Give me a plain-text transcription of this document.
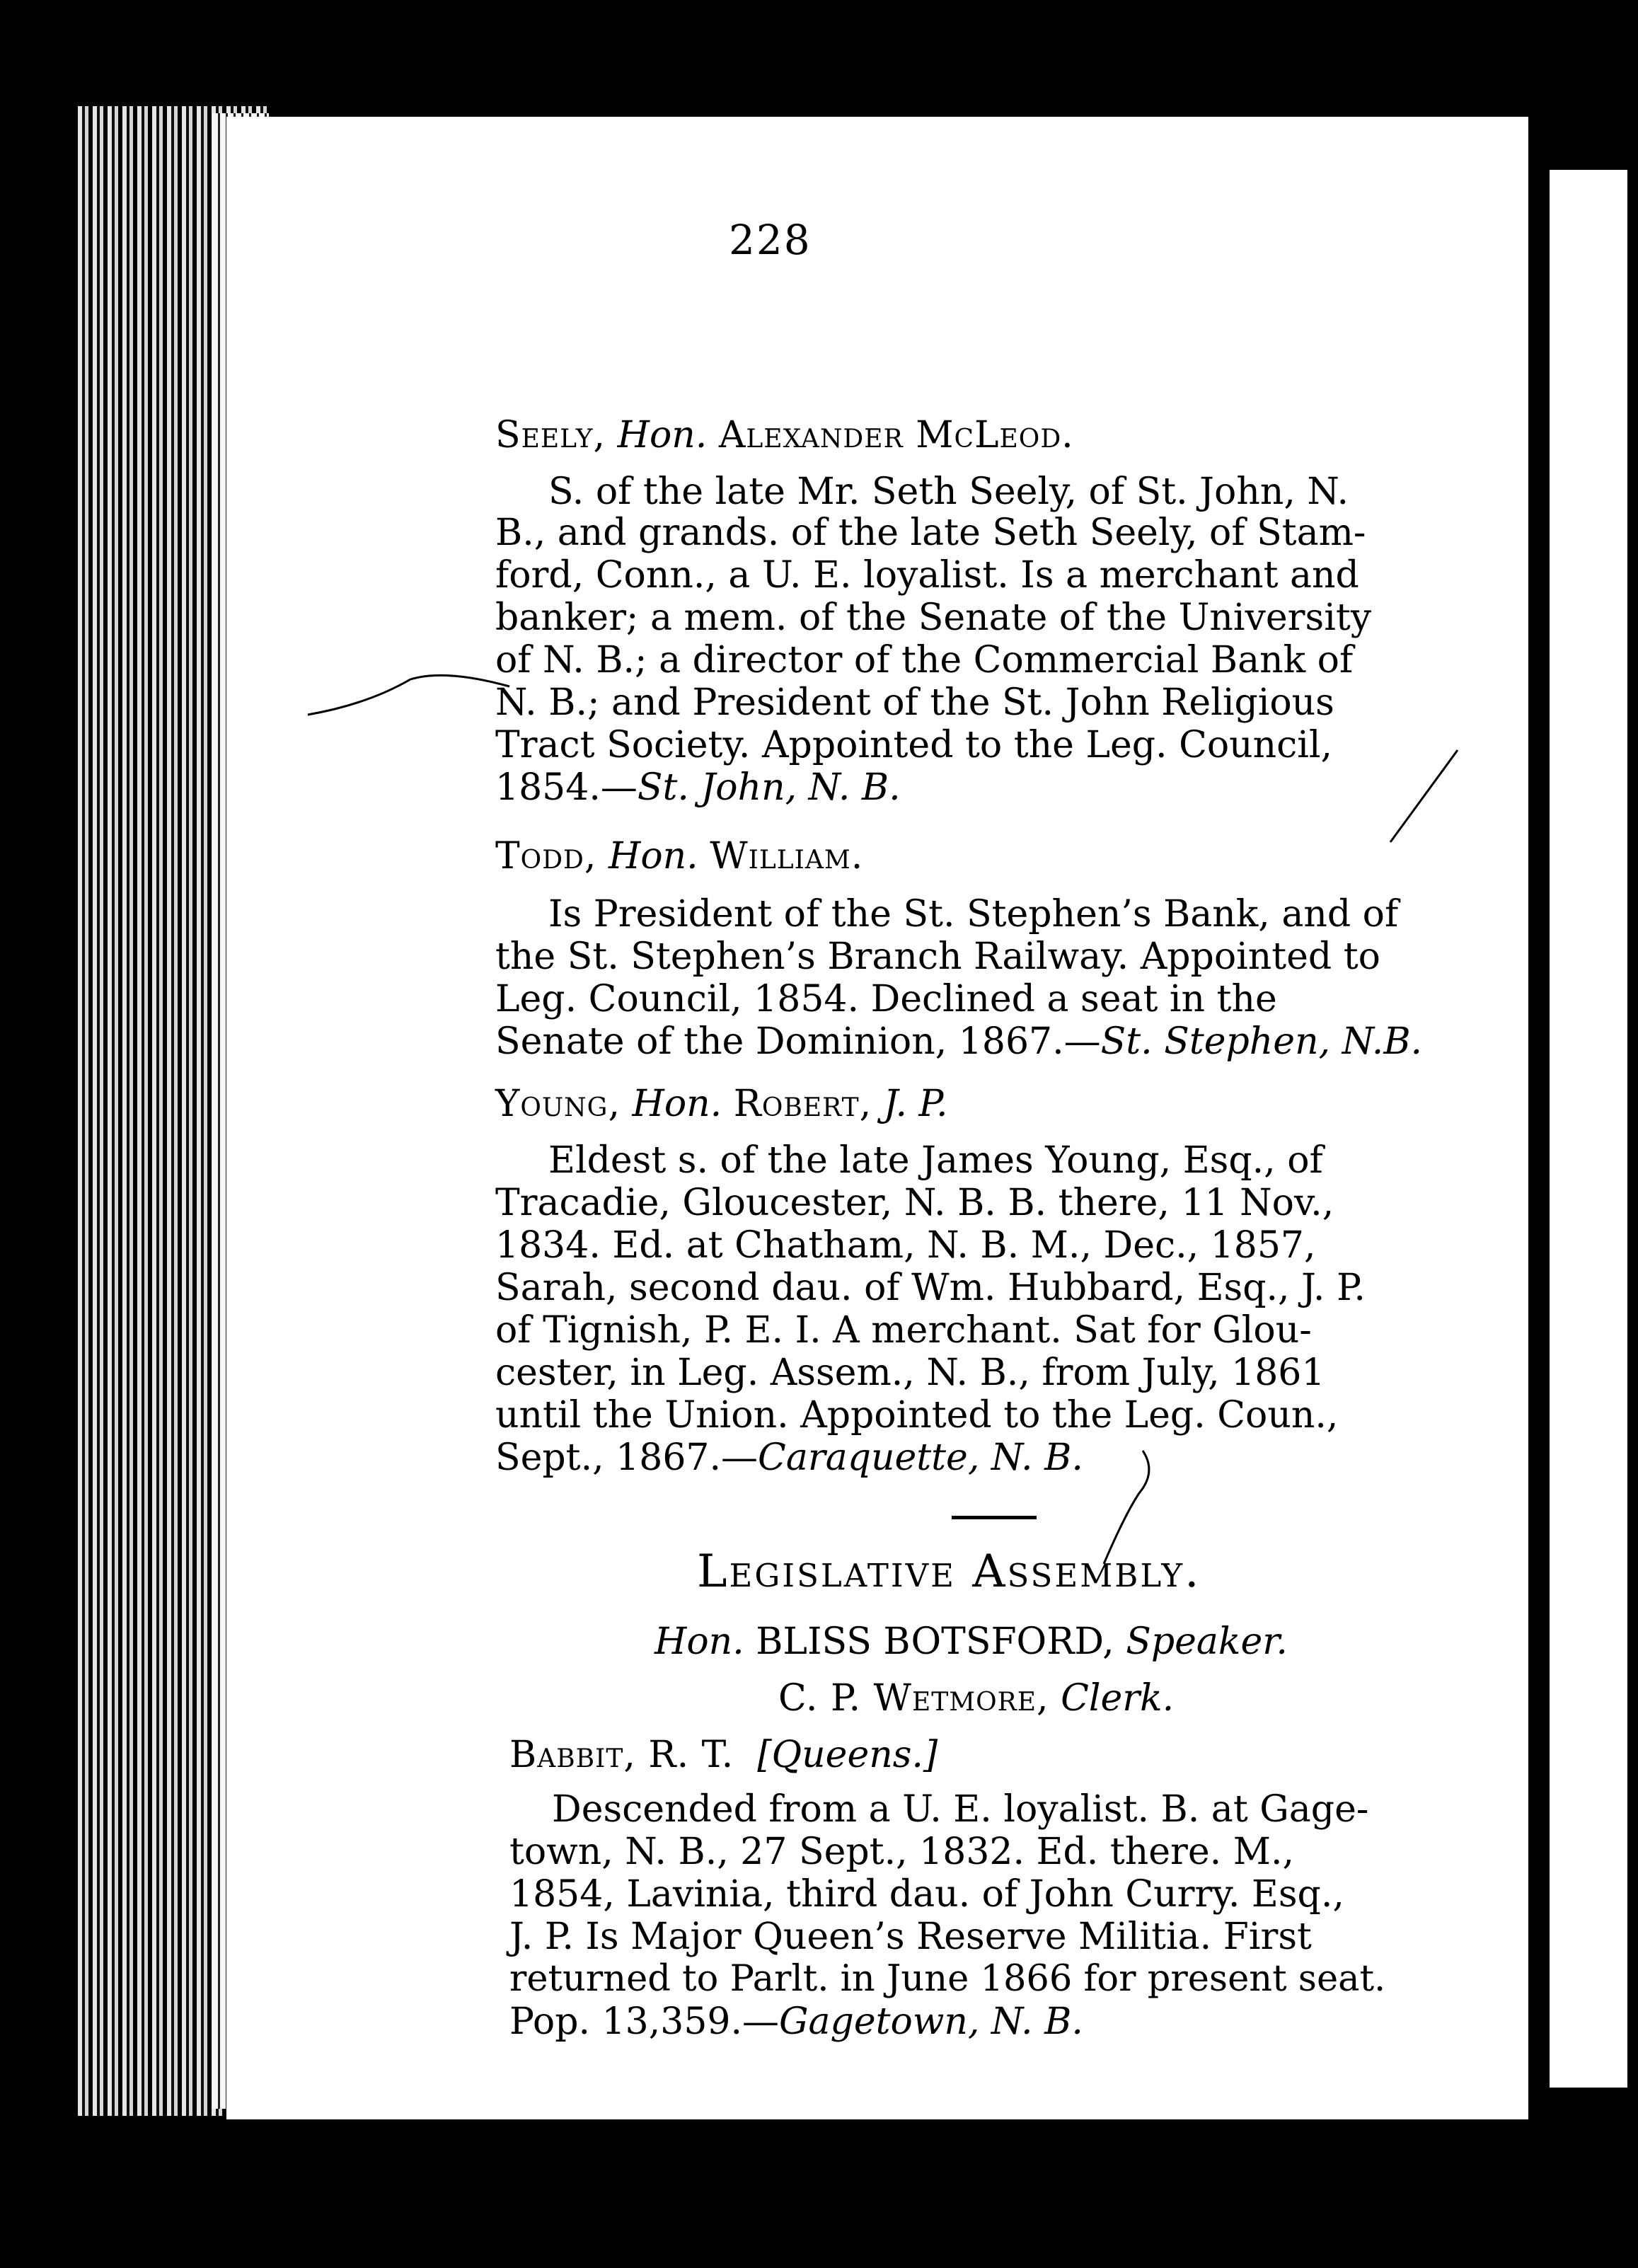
228
Seely, Hon. Alexander McLeod.
S. of the late Mr. Seth Seely, of St. John, N.
B., and grands. of the late Seth Seely, of Stam-
ford, Conn., a U. E. loyalist. Is a merchant and
banker; a mem. of the Senate of the University
of N. B.; a director of the Commercial Bank of
N. B.; and President of the St. John Religious
Tract Society. Appointed to the Leg. Council,
1854.—St. John, N. B.
Todd, Hon. William.
Is President of the St. Stephen’s Bank, and of
the St. Stephen’s Branch Railway. Appointed to
Leg. Council, 1854. Declined a seat in the
Senate of the Dominion, 1867.—St. Stephen, N.B.
Young, Hon. Robert, J. P.
Eldest s. of the late James Young, Esq., of
Tracadie, Gloucester, N. B. B. there, 11 Nov.,
1834. Ed. at Chatham, N. B. M., Dec., 1857,
Sarah, second dau. of Wm. Hubbard, Esq., J. P.
of Tignish, P. E. I. A merchant. Sat for Glou-
cester, in Leg. Assem., N. B., from July, 1861
until the Union. Appointed to the Leg. Coun.,
Sept., 1867.—Caraquette, N. B.
Legislative Assembly.
Hon. BLISS BOTSFORD, Speaker.
C. P. Wetmore, Clerk.
Babbit, R. T. [Queens.]
Descended from a U. E. loyalist. B. at Gage-
town, N. B., 27 Sept., 1832. Ed. there. M.,
1854, Lavinia, third dau. of John Curry. Esq.,
J. P. Is Major Queen’s Reserve Militia. First
returned to Parlt. in June 1866 for present seat.
Pop. 13,359.—Gagetown, N. B.
